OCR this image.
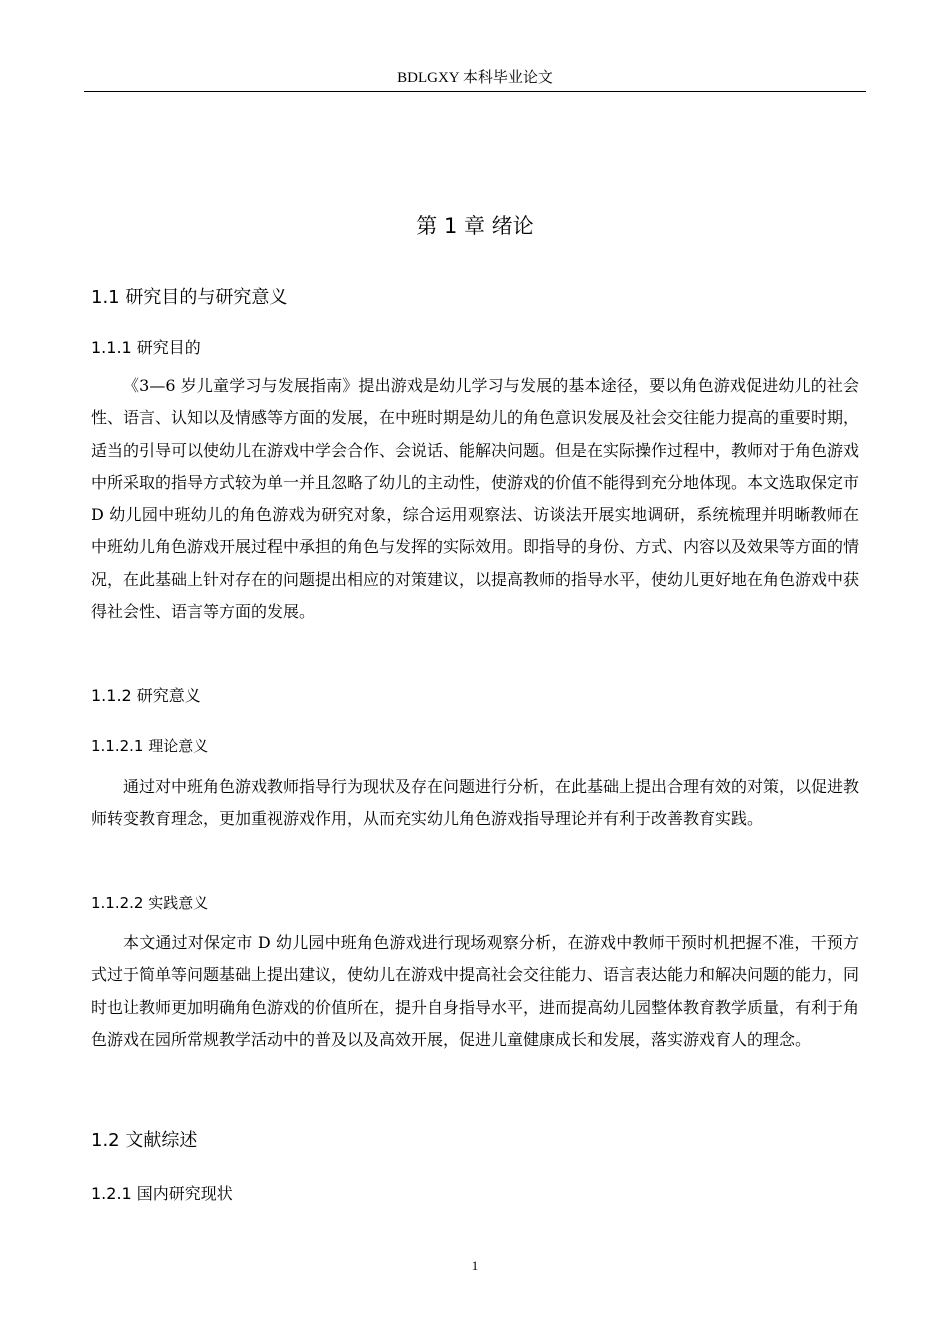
BDLGXY 本科毕业论文
第 1 章 绪论
1.1 研究目的与研究意义
1.1.1 研究目的

《3—6 岁儿童学习与发展指南》提出游戏是幼儿学习与发展的基本途径，要以角色游戏促进幼儿的社会性、语言、认知以及情感等方面的发展，在中班时期是幼儿的角色意识发展及社会交往能力提高的重要时期，适当的引导可以使幼儿在游戏中学会合作、会说话、能解决问题。但是在实际操作过程中，教师对于角色游戏中所采取的指导方式较为单一并且忽略了幼儿的主动性，使游戏的价值不能得到充分地体现。本文选取保定市 D 幼儿园中班幼儿的角色游戏为研究对象，综合运用观察法、访谈法开展实地调研，系统梳理并明晰教师在中班幼儿角色游戏开展过程中承担的角色与发挥的实际效用。即指导的身份、方式、内容以及效果等方面的情况，在此基础上针对存在的问题提出相应的对策建议，以提高教师的指导水平，使幼儿更好地在角色游戏中获得社会性、语言等方面的发展。

1.1.2 研究意义
1.1.2.1 理论意义

通过对中班角色游戏教师指导行为现状及存在问题进行分析，在此基础上提出合理有效的对策，以促进教师转变教育理念，更加重视游戏作用，从而充实幼儿角色游戏指导理论并有利于改善教育实践。

1.1.2.2 实践意义

本文通过对保定市 D 幼儿园中班角色游戏进行现场观察分析，在游戏中教师干预时机把握不准，干预方式过于简单等问题基础上提出建议，使幼儿在游戏中提高社会交往能力、语言表达能力和解决问题的能力，同时也让教师更加明确角色游戏的价值所在，提升自身指导水平，进而提高幼儿园整体教育教学质量，有利于角色游戏在园所常规教学活动中的普及以及高效开展，促进儿童健康成长和发展，落实游戏育人的理念。

1.2 文献综述
1.2.1 国内研究现状
1
